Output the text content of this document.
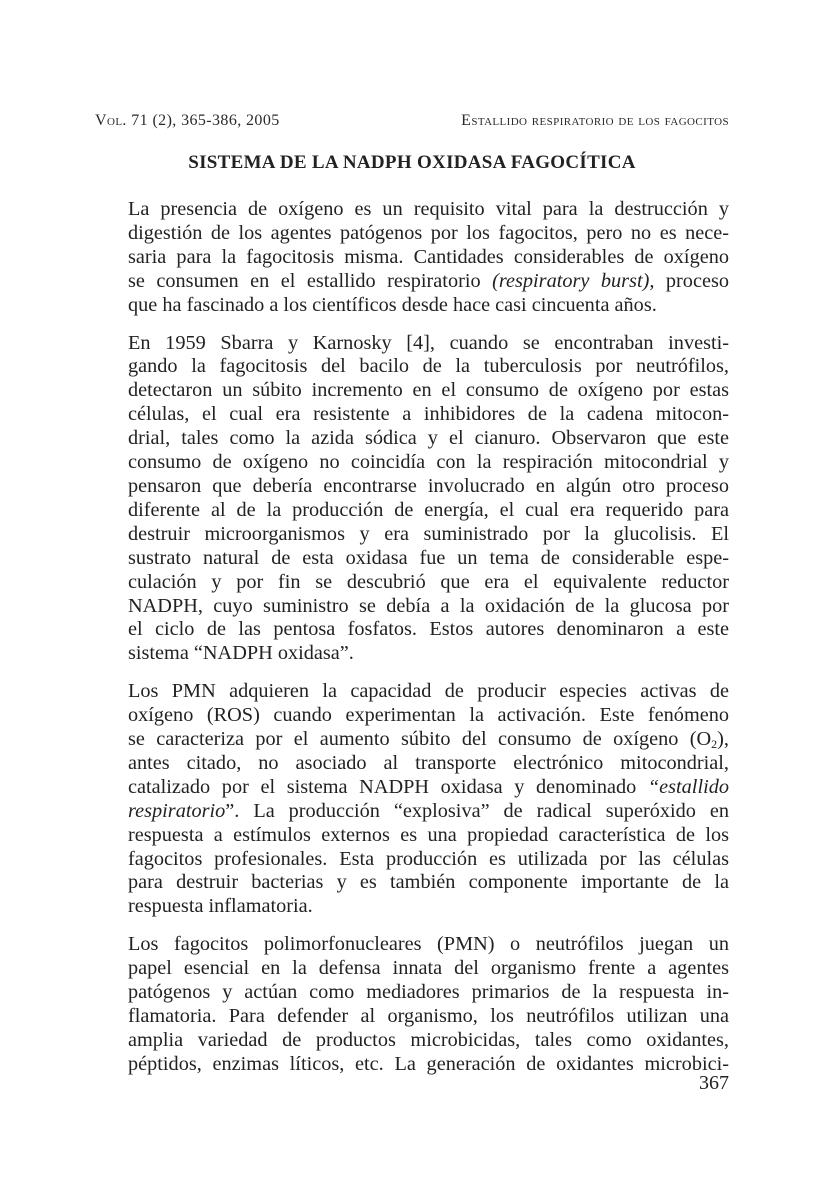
Vol. 71 (2), 365-386, 2005	Estallido respiratorio de los fagocitos
SISTEMA DE LA NADPH OXIDASA FAGOCÍTICA

La presencia de oxígeno es un requisito vital para la destrucción y
digestión de los agentes patógenos por los fagocitos, pero no es nece-
saria para la fagocitosis misma. Cantidades considerables de oxígeno
se consumen en el estallido respiratorio (respiratory burst), proceso
que ha fascinado a los científicos desde hace casi cincuenta años.

En 1959 Sbarra y Karnosky [4], cuando se encontraban investi-
gando la fagocitosis del bacilo de la tuberculosis por neutrófilos,
detectaron un súbito incremento en el consumo de oxígeno por estas
células, el cual era resistente a inhibidores de la cadena mitocon-
drial, tales como la azida sódica y el cianuro. Observaron que este
consumo de oxígeno no coincidía con la respiración mitocondrial y
pensaron que debería encontrarse involucrado en algún otro proceso
diferente al de la producción de energía, el cual era requerido para
destruir microorganismos y era suministrado por la glucolisis. El
sustrato natural de esta oxidasa fue un tema de considerable espe-
culación y por fin se descubrió que era el equivalente reductor
NADPH, cuyo suministro se debía a la oxidación de la glucosa por
el ciclo de las pentosa fosfatos. Estos autores denominaron a este
sistema “NADPH oxidasa”.

Los PMN adquieren la capacidad de producir especies activas de
oxígeno (ROS) cuando experimentan la activación. Este fenómeno
se caracteriza por el aumento súbito del consumo de oxígeno $(O_2)$,
antes citado, no asociado al transporte electrónico mitocondrial,
catalizado por el sistema NADPH oxidasa y denominado “estallido
respiratorio”. La producción “explosiva” de radical superóxido en
respuesta a estímulos externos es una propiedad característica de los
fagocitos profesionales. Esta producción es utilizada por las células
para destruir bacterias y es también componente importante de la
respuesta inflamatoria.

Los fagocitos polimorfonucleares (PMN) o neutrófilos juegan un
papel esencial en la defensa innata del organismo frente a agentes
patógenos y actúan como mediadores primarios de la respuesta in-
flamatoria. Para defender al organismo, los neutrófilos utilizan una
amplia variedad de productos microbicidas, tales como oxidantes,
péptidos, enzimas líticos, etc. La generación de oxidantes microbici-

367
